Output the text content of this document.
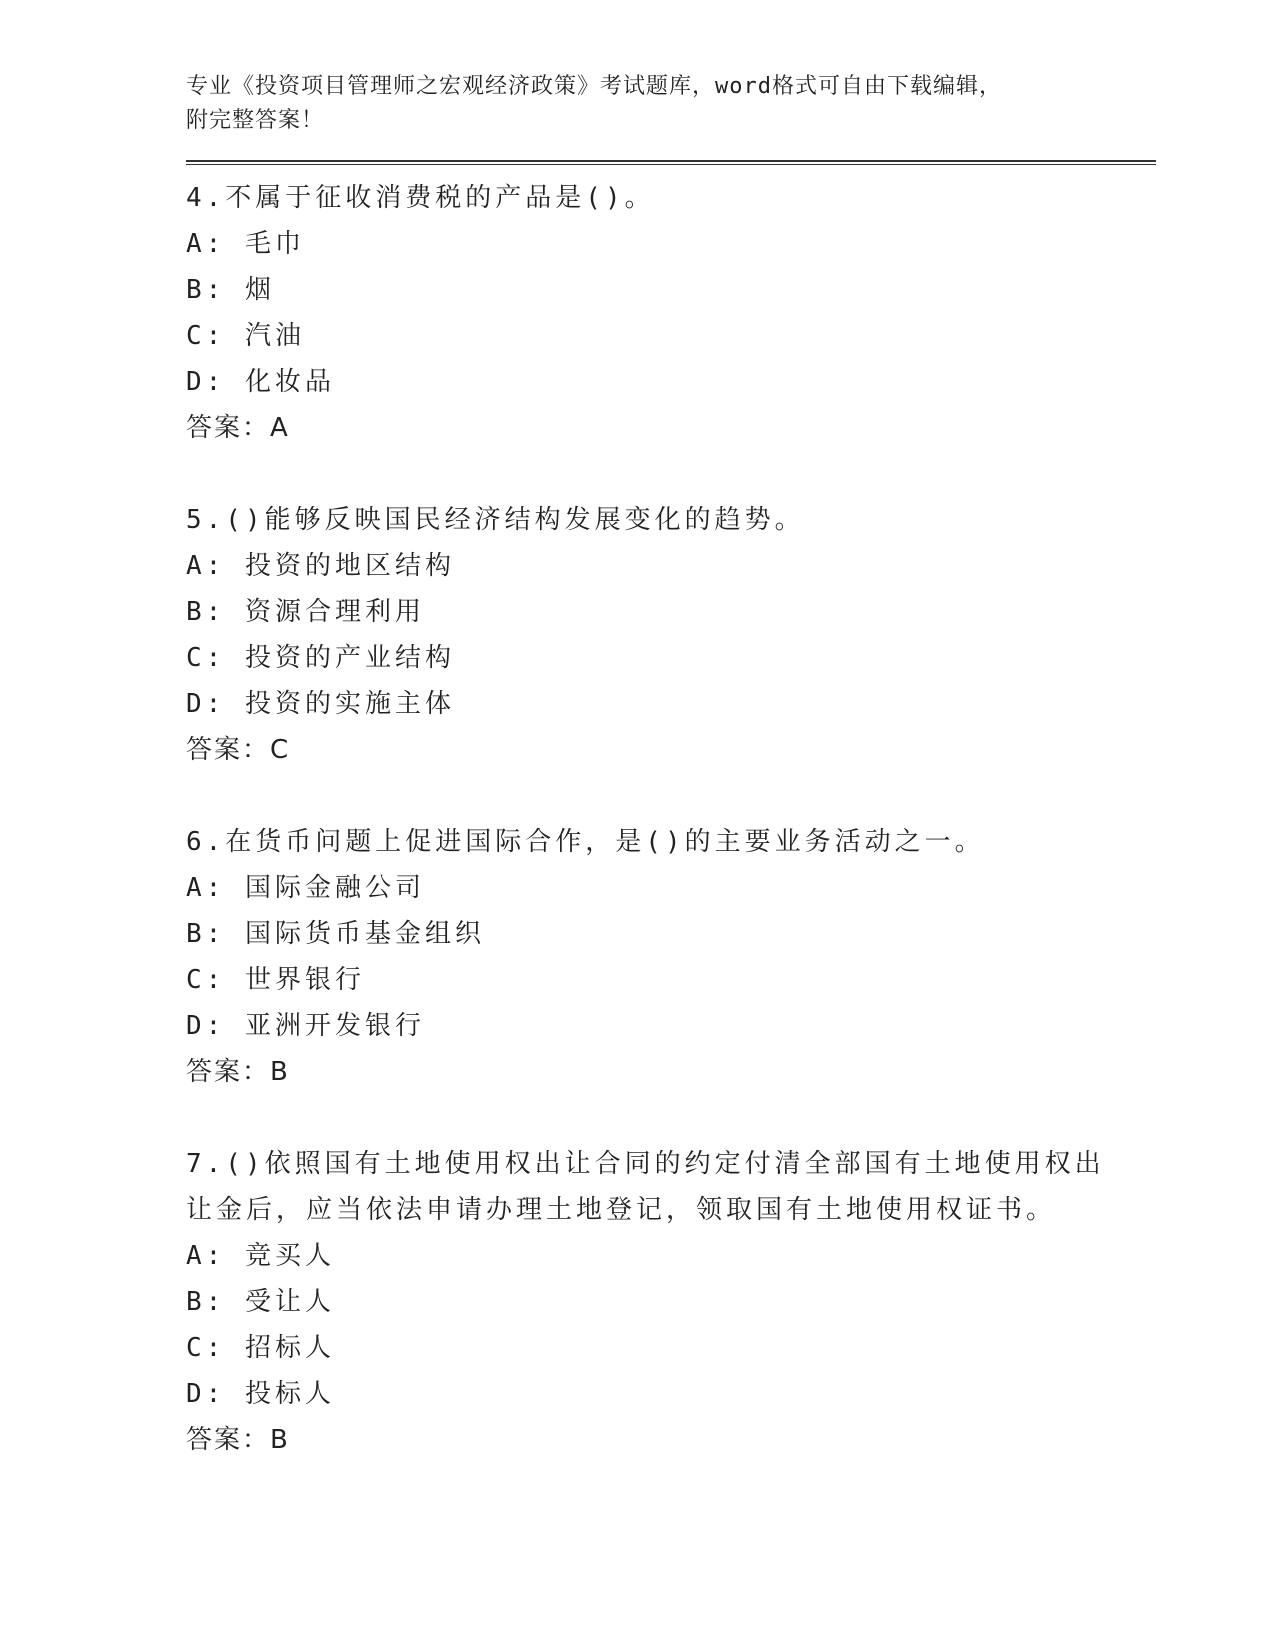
专业《投资项目管理师之宏观经济政策》考试题库，word格式可自由下载编辑，

附完整答案！

4.不属于征收消费税的产品是()。

A: 毛巾

B: 烟

C: 汽油

D: 化妆品

答案：A

5.()能够反映国民经济结构发展变化的趋势。

A: 投资的地区结构

B: 资源合理利用

C: 投资的产业结构

D: 投资的实施主体

答案：C

6.在货币问题上促进国际合作，是()的主要业务活动之一。

A: 国际金融公司

B: 国际货币基金组织

C: 世界银行

D: 亚洲开发银行

答案：B

7.()依照国有土地使用权出让合同的约定付清全部国有土地使用权出

让金后，应当依法申请办理土地登记，领取国有土地使用权证书。

A: 竞买人

B: 受让人

C: 招标人

D: 投标人

答案：B
